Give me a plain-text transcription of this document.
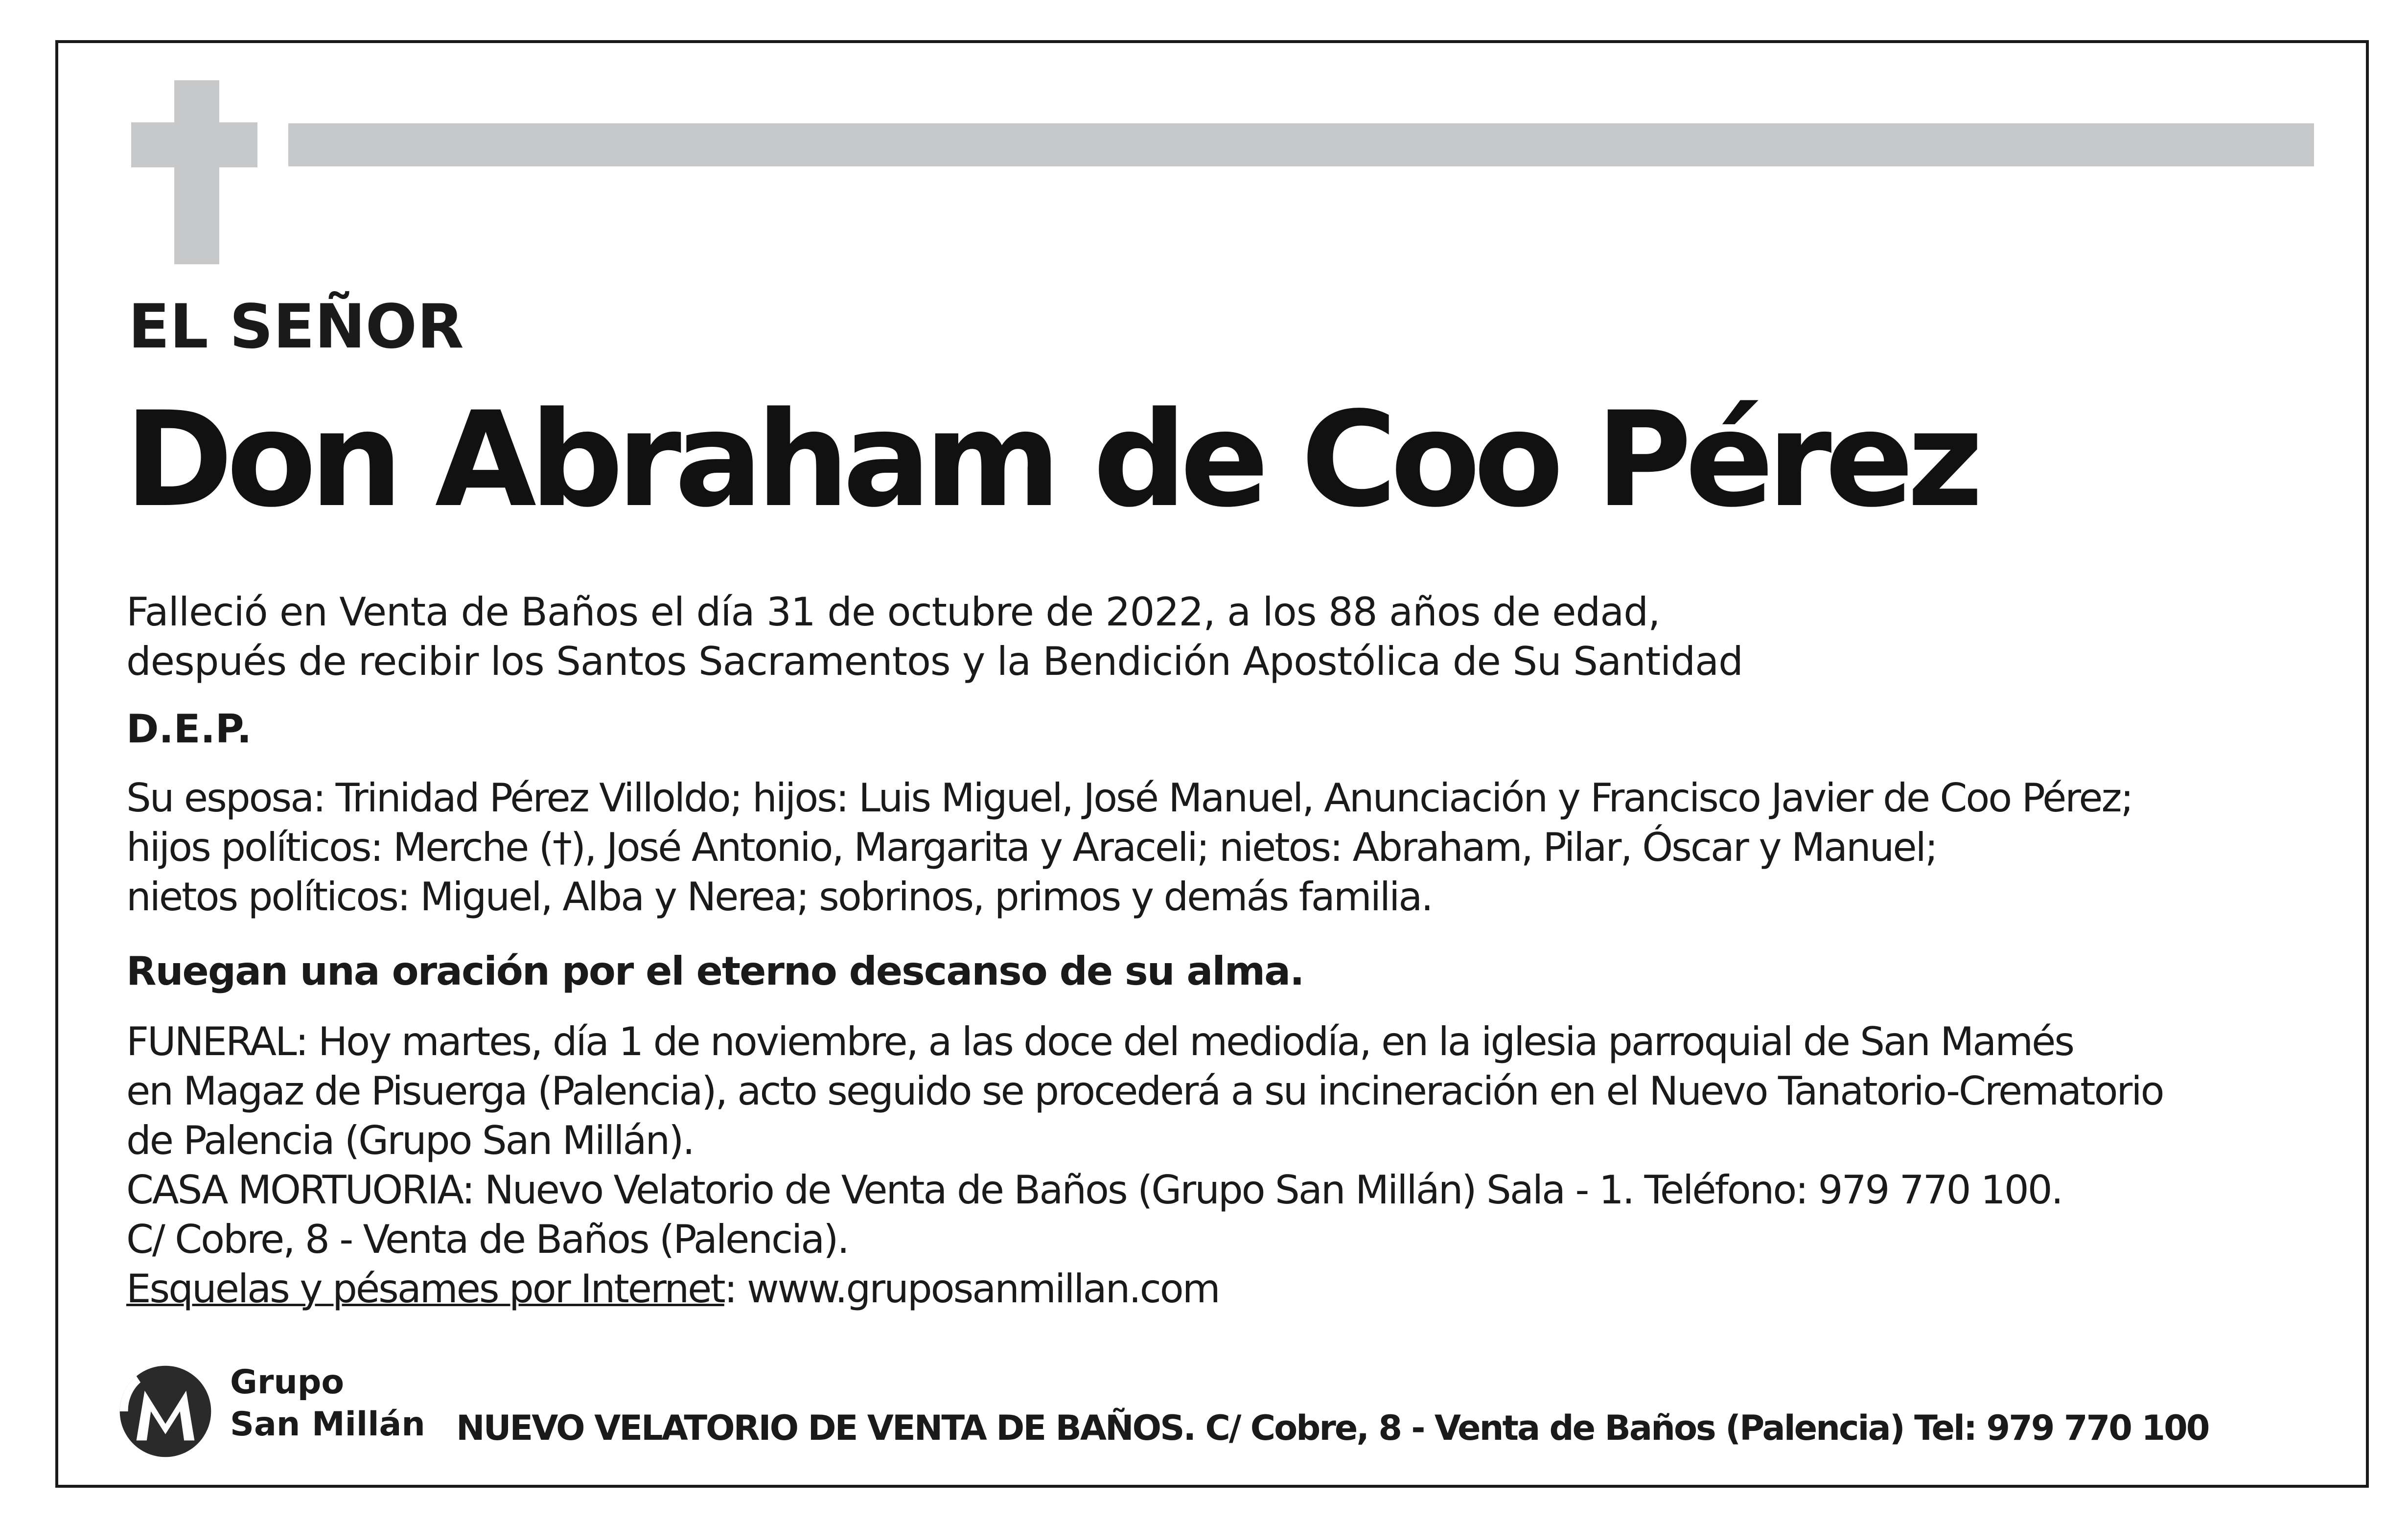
EL SEÑOR
Don Abraham de Coo Pérez
Falleció en Venta de Baños el día 31 de octubre de 2022, a los 88 años de edad,
después de recibir los Santos Sacramentos y la Bendición Apostólica de Su Santidad
D.E.P.
Su esposa: Trinidad Pérez Villoldo; hijos: Luis Miguel, José Manuel, Anunciación y Francisco Javier de Coo Pérez;
hijos políticos: Merche (†), José Antonio, Margarita y Araceli; nietos: Abraham, Pilar, Óscar y Manuel;
nietos políticos: Miguel, Alba y Nerea; sobrinos, primos y demás familia.
Ruegan una oración por el eterno descanso de su alma.
FUNERAL: Hoy martes, día 1 de noviembre, a las doce del mediodía, en la iglesia parroquial de San Mamés
en Magaz de Pisuerga (Palencia), acto seguido se procederá a su incineración en el Nuevo Tanatorio-Crematorio
de Palencia (Grupo San Millán).
CASA MORTUORIA: Nuevo Velatorio de Venta de Baños (Grupo San Millán) Sala - 1. Teléfono: 979 770 100.
C/ Cobre, 8 - Venta de Baños (Palencia).
Esquelas y pésames por Internet: www.gruposanmillan.com
Grupo
San Millán NUEVO VELATORIO DE VENTA DE BAÑOS. C/ Cobre, 8 - Venta de Baños (Palencia) Tel: 979 770 100
